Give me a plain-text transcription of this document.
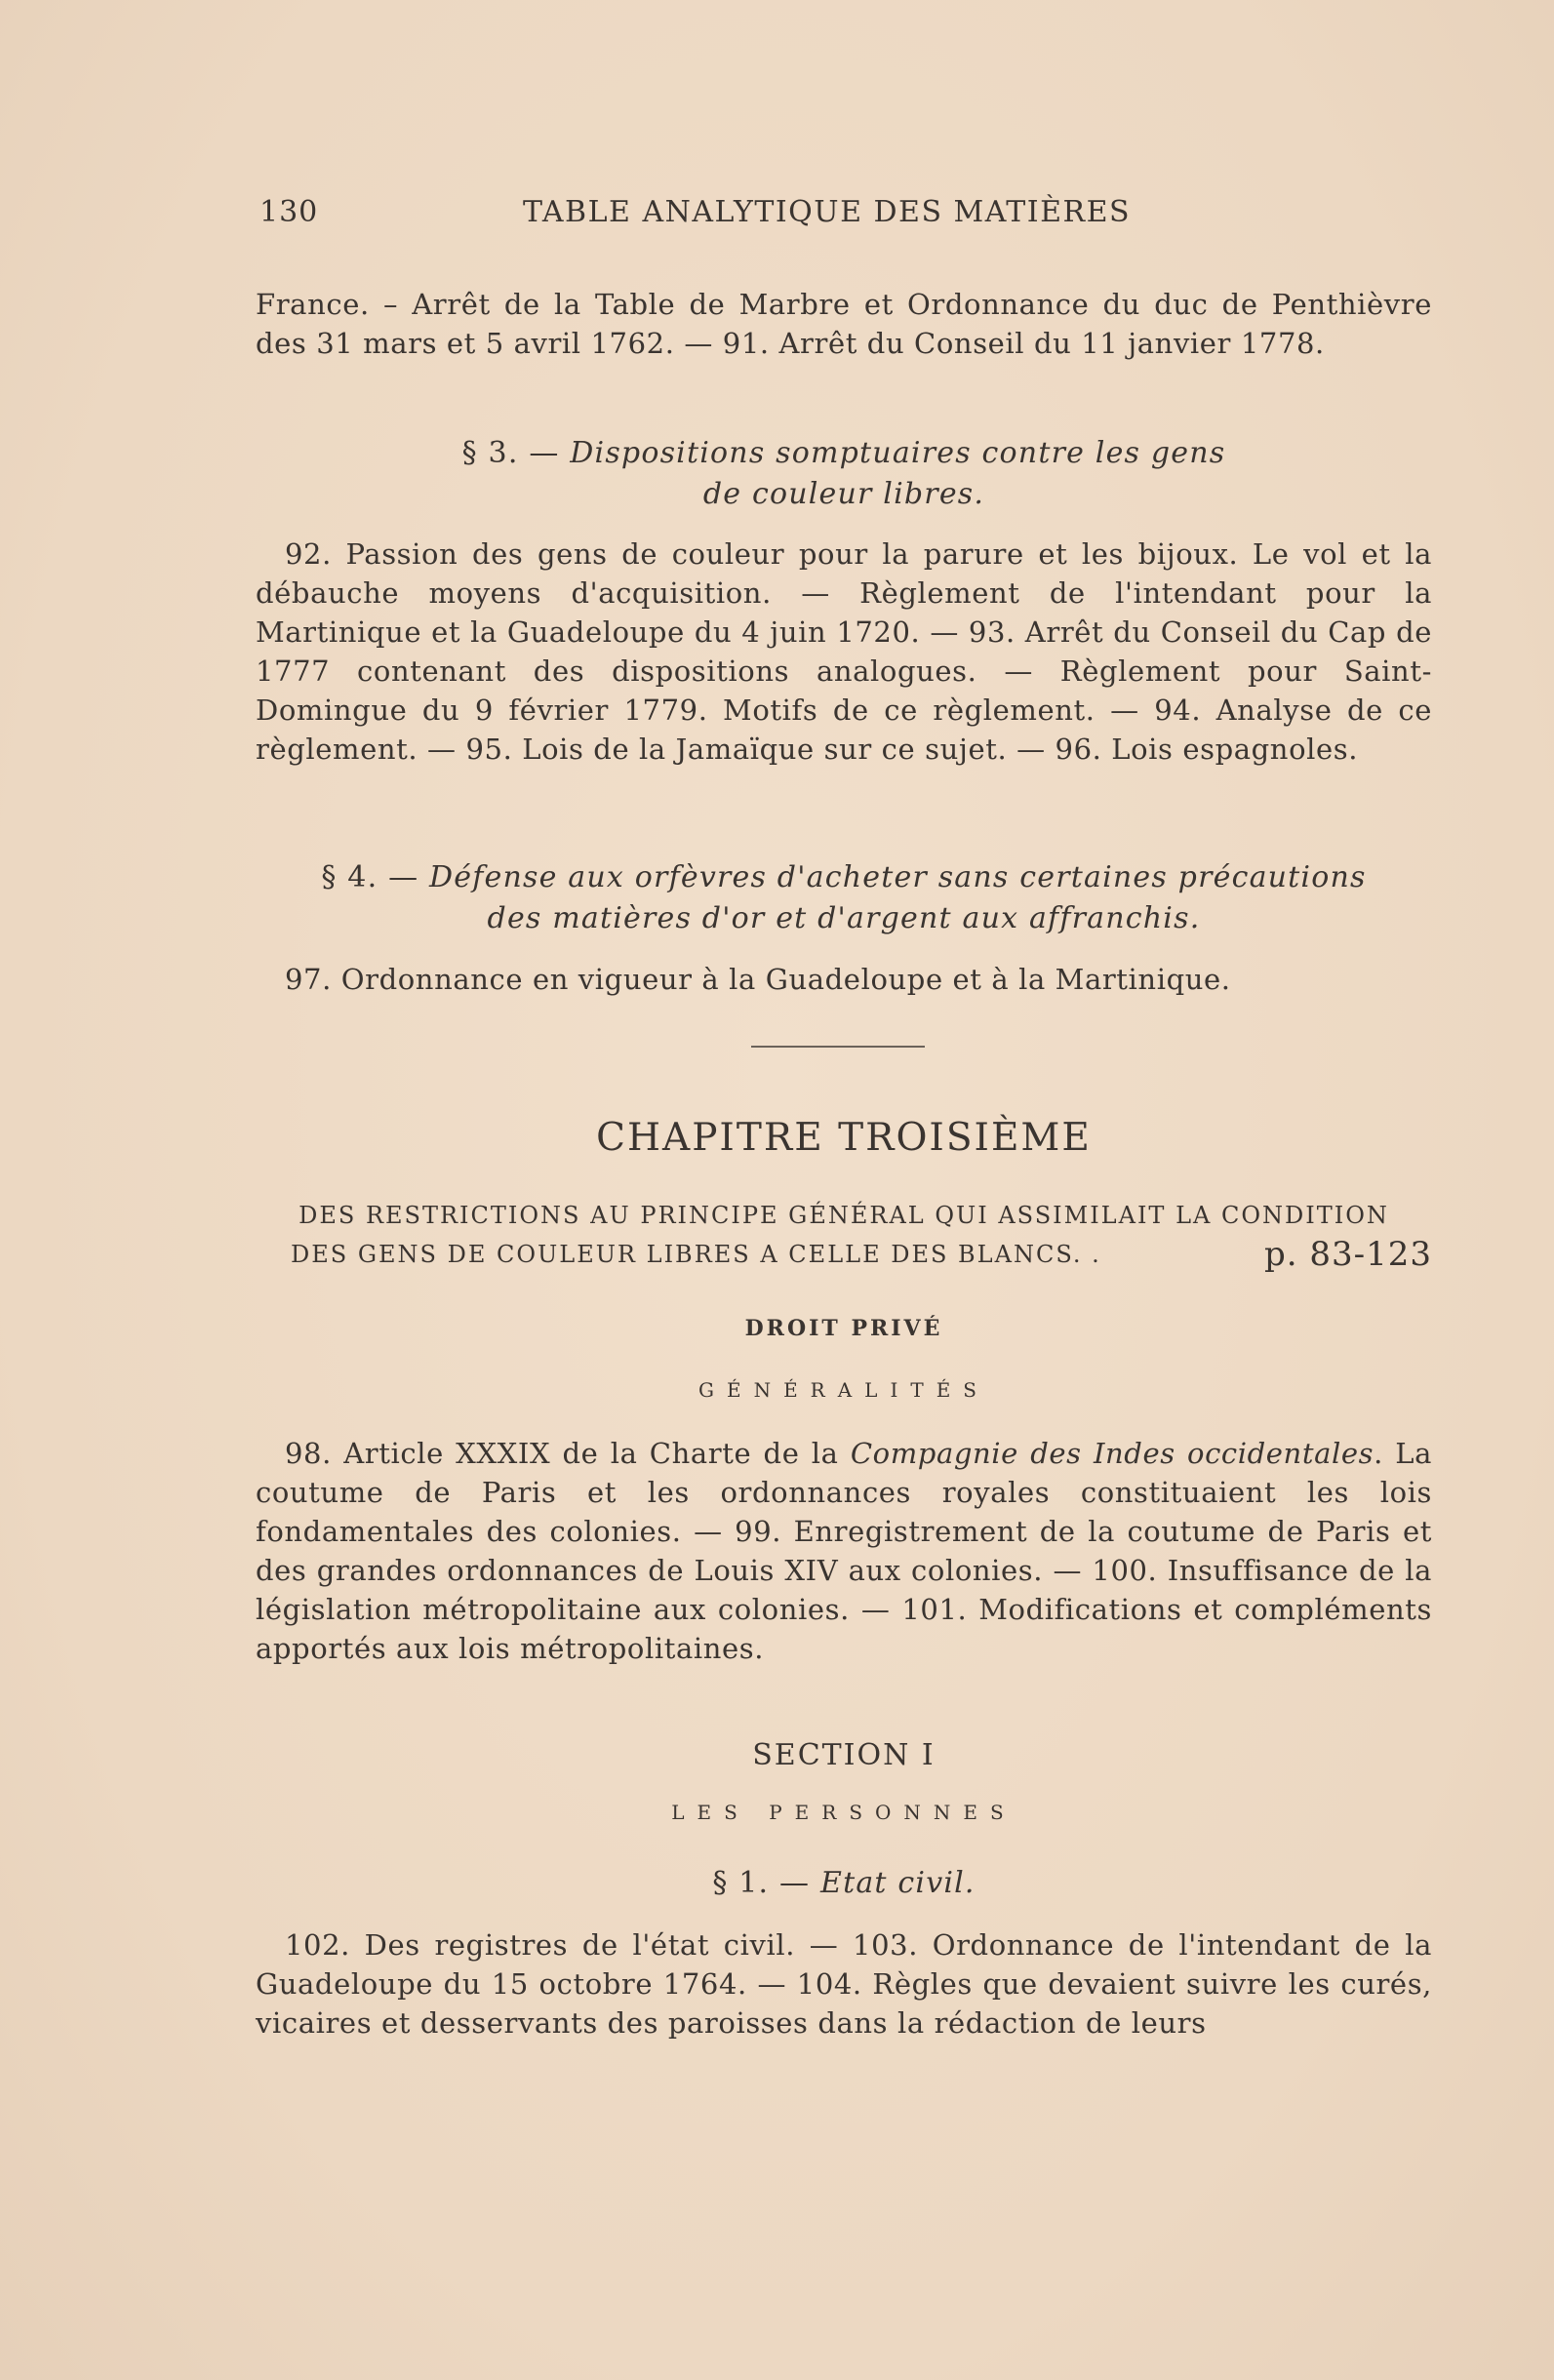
130	TABLE ANALYTIQUE DES MATIÈRES

France. – Arrêt de la Table de Marbre et Ordonnance du duc de Penthièvre des 31 mars et 5 avril 1762. — 91. Arrêt du Conseil du 11 janvier 1778.

§ 3. — Dispositions somptuaires contre les gens

de couleur libres.

92. Passion des gens de couleur pour la parure et les bijoux. Le vol et la débauche moyens d'acquisition. — Règlement de l'intendant pour la Martinique et la Guadeloupe du 4 juin 1720. — 93. Arrêt du Conseil du Cap de 1777 contenant des dispositions analogues. — Règlement pour Saint-Domingue du 9 février 1779. Motifs de ce règlement. — 94. Analyse de ce règlement. — 95. Lois de la Jamaïque sur ce sujet. — 96. Lois espagnoles.

§ 4. — Défense aux orfèvres d'acheter sans certaines précautions

des matières d'or et d'argent aux affranchis.

97. Ordonnance en vigueur à la Guadeloupe et à la Martinique.

CHAPITRE TROISIÈME

DES RESTRICTIONS AU PRINCIPE GÉNÉRAL QUI ASSIMILAIT LA CONDITION

DES GENS DE COULEUR LIBRES A CELLE DES BLANCS. .	p. 83-123

DROIT PRIVÉ
GÉNÉRALITÉS

98. Article XXXIX de la Charte de la Compagnie des Indes occidentales. La coutume de Paris et les ordonnances royales constituaient les lois fondamentales des colonies. — 99. Enregistrement de la coutume de Paris et des grandes ordonnances de Louis XIV aux colonies. — 100. Insuffisance de la législation métropolitaine aux colonies. — 101. Modifications et compléments apportés aux lois métropolitaines.

SECTION I
LES PERSONNES

§ 1. — Etat civil.

102. Des registres de l'état civil. — 103. Ordonnance de l'intendant de la Guadeloupe du 15 octobre 1764. — 104. Règles que devaient suivre les curés, vicaires et desservants des paroisses dans la rédaction de leurs
